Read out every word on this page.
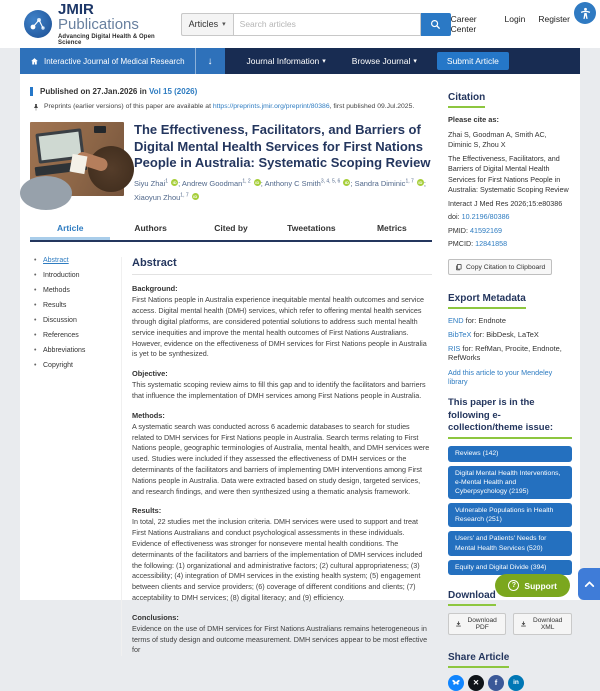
JMIR Publications
Advancing Digital Health & Open Science
Articles ▾
Search articles
Career Center
Login Register
Interactive Journal of Medical Research ↓	Journal Information ▾	Browse Journal ▾	Submit Article
Published on 27.Jan.2026 in Vol 15 (2026)
Preprints (earlier versions) of this paper are available at https://preprints.jmir.org/preprint/80386, first published 09.Jul.2025.
The Effectiveness, Facilitators, and Barriers of Digital Mental Health Services for First Nations People in Australia: Systematic Scoping Review
Siyu Zhai$^1$ iD ; Andrew Goodman$^{1, 2}$ iD ; Anthony C Smith$^{3, 4, 5, 6}$ iD ; Sandra Diminic$^{1, 7}$ iD ; Xiaoyun Zhou$^{1, 7}$ iD
Article	Authors	Cited by	Tweetations	Metrics
• Abstract
• Introduction
• Methods
• Results
• Discussion
• References
• Abbreviations
• Copyright
Abstract
Background:

First Nations people in Australia experience inequitable mental health outcomes and service access. Digital mental health (DMH) services, which refer to offering mental health services through digital platforms, are considered potential solutions to address such mental health service inequities and improve the mental health outcomes of First Nations Australians. However, evidence on the effectiveness of DMH services for First Nations people in Australia is yet to be synthesized.

Objective:

This systematic scoping review aims to fill this gap and to identify the facilitators and barriers that influence the implementation of DMH services among First Nations people in Australia.

Methods:

A systematic search was conducted across 6 academic databases to search for studies related to DMH services for First Nations people in Australia. Search terms relating to First Nations people, geographic terminologies of Australia, mental health, and DMH services were used. Studies were included if they assessed the effectiveness of DMH services or the determinants of the facilitators and barriers of implementing DMH interventions among First Nations people in Australia. Data were extracted based on study design, targeted services, and research findings, and were then synthesized using a thematic analysis framework.

Results:

In total, 22 studies met the inclusion criteria. DMH services were used to support and treat First Nations Australians and conduct psychological assessments in these individuals. Evidence of effectiveness was stronger for nonsevere mental health conditions. The determinants of the facilitators and barriers of the implementation of DMH services included the following: (1) organizational and administrative factors; (2) cultural appropriateness; (3) accessibility; (4) integration of DMH services in the existing health system; (5) engagement between clients and service providers; (6) coverage of different conditions and clients; (7) acceptability to DMH services; (8) digital literacy; and (9) efficiency.

Conclusions:

Evidence on the use of DMH services for First Nations Australians remains heterogeneous in terms of study design and outcome measurement. DMH services appear to be most effective for

Citation
Please cite as:

Zhai S, Goodman A, Smith AC, Diminic S, Zhou X

The Effectiveness, Facilitators, and Barriers of Digital Mental Health Services for First Nations People in Australia: Systematic Scoping Review

Interact J Med Res 2026;15:e80386

doi: 10.2196/80386

PMID: 41592169

PMCID: 12841858

Copy Citation to Clipboard
Export Metadata
END for: Endnote
BibTeX for: BibDesk, LaTeX
RIS for: RefMan, Procite, Endnote, RefWorks
Add this article to your Mendeley library
This paper is in the following e-collection/theme issue:
Reviews (142)
Digital Mental Health Interventions, e-Mental Health and Cyberpsychology (2195)
Vulnerable Populations in Health Research (251)
Users' and Patients' Needs for Mental Health Services (520)
Equity and Digital Divide (394)
Download
Download PDF
Download XML
Share Article
✕ f in
? Support
